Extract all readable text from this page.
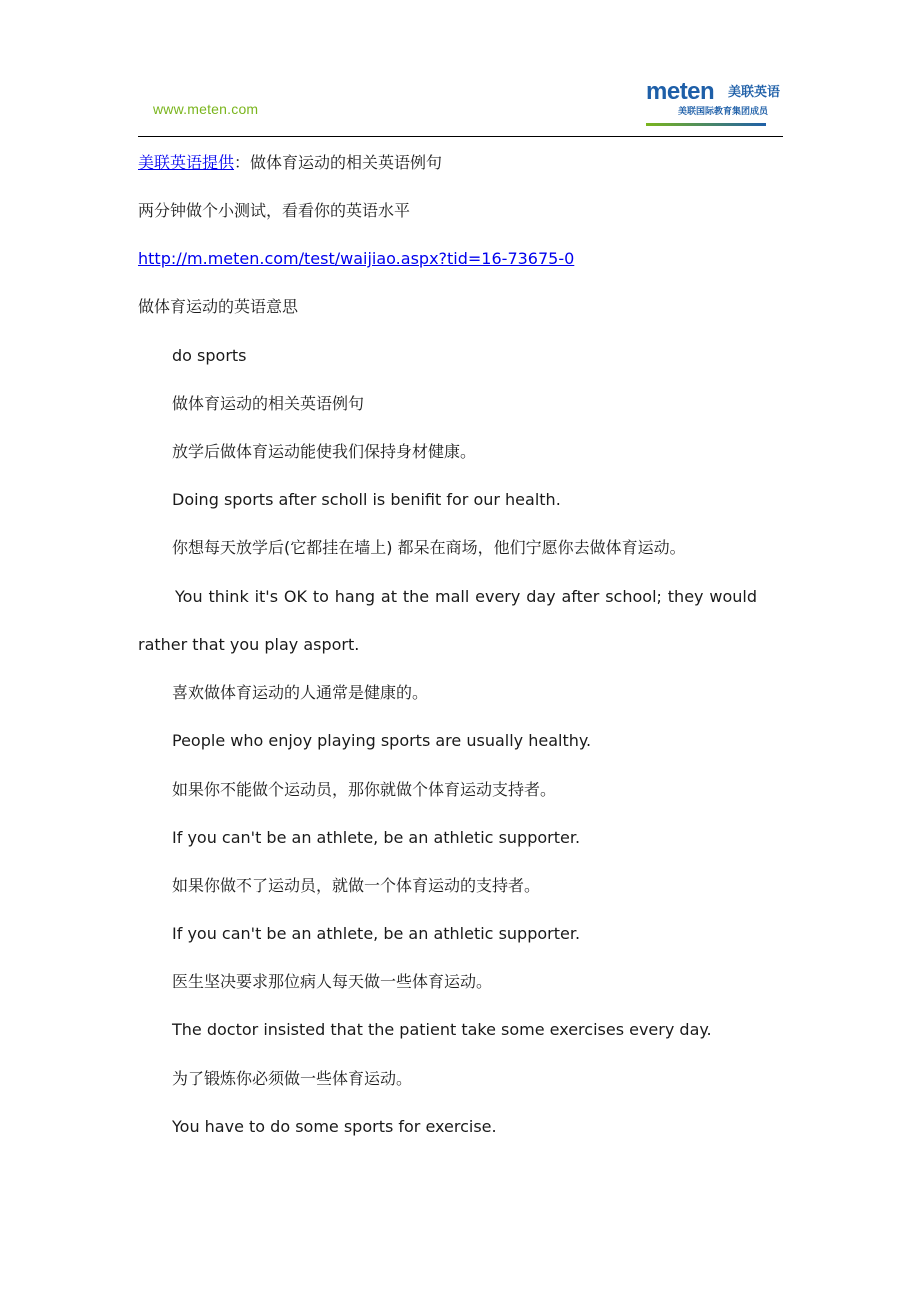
www.meten.com
meten 美联英语
美联国际教育集团成员
美联英语提供：做体育运动的相关英语例句
两分钟做个小测试，看看你的英语水平
http://m.meten.com/test/waijiao.aspx?tid=16-73675-0
做体育运动的英语意思
do sports
做体育运动的相关英语例句
放学后做体育运动能使我们保持身材健康。
Doing sports after scholl is benifit for our health.
你想每天放学后(它都挂在墙上) 都呆在商场，他们宁愿你去做体育运动。
You think it's OK to hang at the mall every day after school; they would
rather that you play asport.
喜欢做体育运动的人通常是健康的。
People who enjoy playing sports are usually healthy.
如果你不能做个运动员，那你就做个体育运动支持者。
If you can't be an athlete, be an athletic supporter.
如果你做不了运动员，就做一个体育运动的支持者。
If you can't be an athlete, be an athletic supporter.
医生坚决要求那位病人每天做一些体育运动。
The doctor insisted that the patient take some exercises every day.
为了锻炼你必须做一些体育运动。
You have to do some sports for exercise.
